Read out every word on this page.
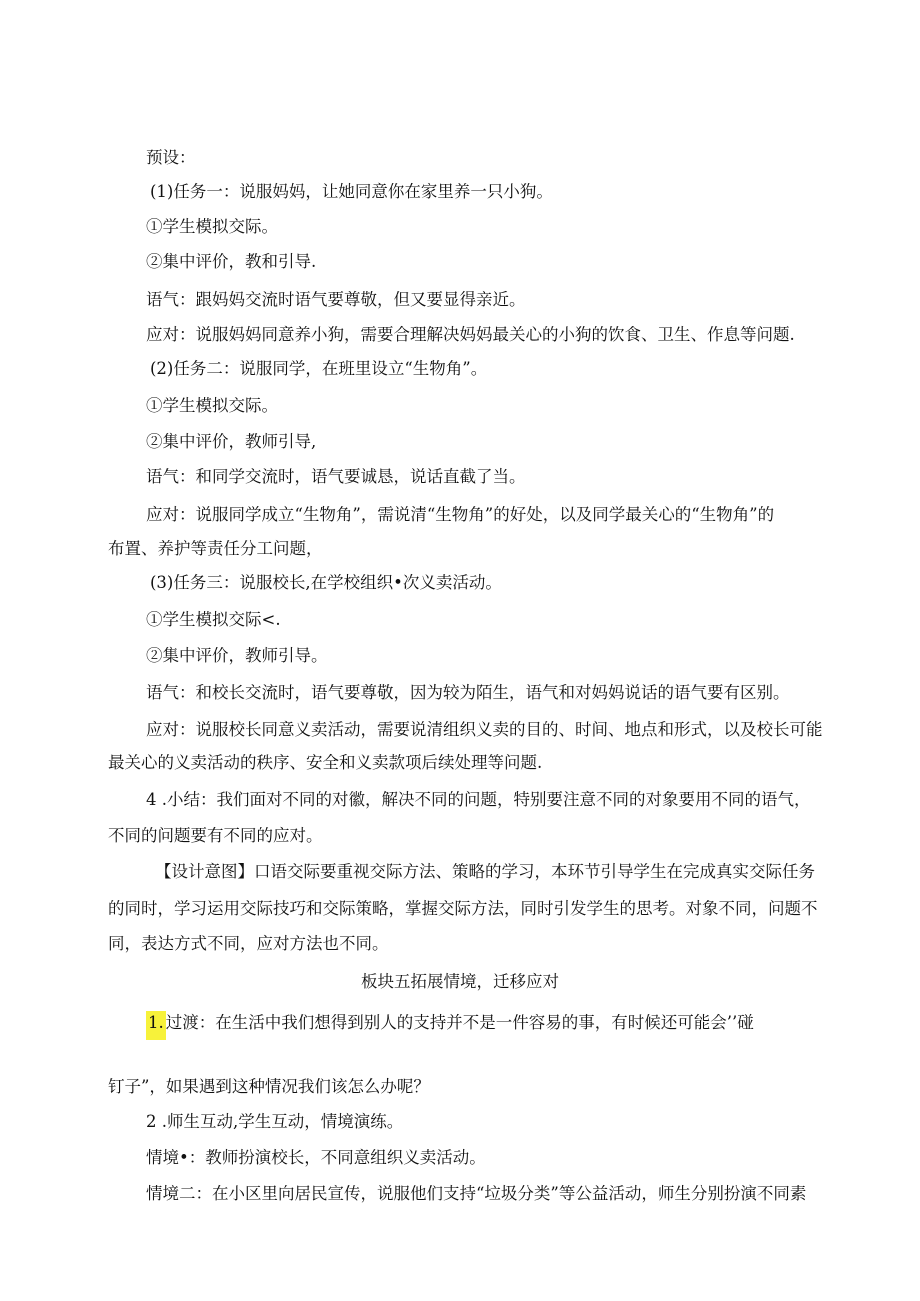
预设：
(1)任务一：说服妈妈，让她同意你在家里养一只小狗。
①学生模拟交际。
②集中评价，教和引导.
语气：跟妈妈交流时语气要尊敬，但又要显得亲近。
应对：说服妈妈同意养小狗，需要合理解决妈妈最关心的小狗的饮食、卫生、作息等问题.
(2)任务二：说服同学，在班里设立“生物角”。
①学生模拟交际。
②集中评价，教师引导,
语气：和同学交流时，语气要诚恳，说话直截了当。
应对：说服同学成立“生物角”，需说清“生物角”的好处，以及同学最关心的“生物角”的
布置、养护等责任分工问题，
(3)任务三：说服校长,在学校组织•次义卖活动。
①学生模拟交际<.
②集中评价，教师引导。
语气：和校长交流时，语气要尊敬，因为较为陌生，语气和对妈妈说话的语气要有区别。
应对：说服校长同意义卖活动，需要说清组织义卖的目的、时间、地点和形式，以及校长可能
最关心的义卖活动的秩序、安全和义卖款项后续处理等问题.
4 .小结：我们面对不同的对徽，解决不同的问题，特别要注意不同的对象要用不同的语气，
不同的问题要有不同的应对。
【设计意图】口语交际要重视交际方法、策略的学习，本环节引导学生在完成真实交际任务
的同时，学习运用交际技巧和交际策略，掌握交际方法，同时引发学生的思考。对象不同，问题不
同，表达方式不同，应对方法也不同。
板块五拓展情境，迁移应对
1. 过渡：在生活中我们想得到别人的支持并不是一件容易的事，有时候还可能会’’碰
钉子”，如果遇到这种情况我们该怎么办呢？
2 .师生互动,学生互动，情境演练。
情境•：教师扮演校长，不同意组织义卖活动。
情境二：在小区里向居民宣传，说服他们支持“垃圾分类”等公益活动，师生分别扮演不同素
